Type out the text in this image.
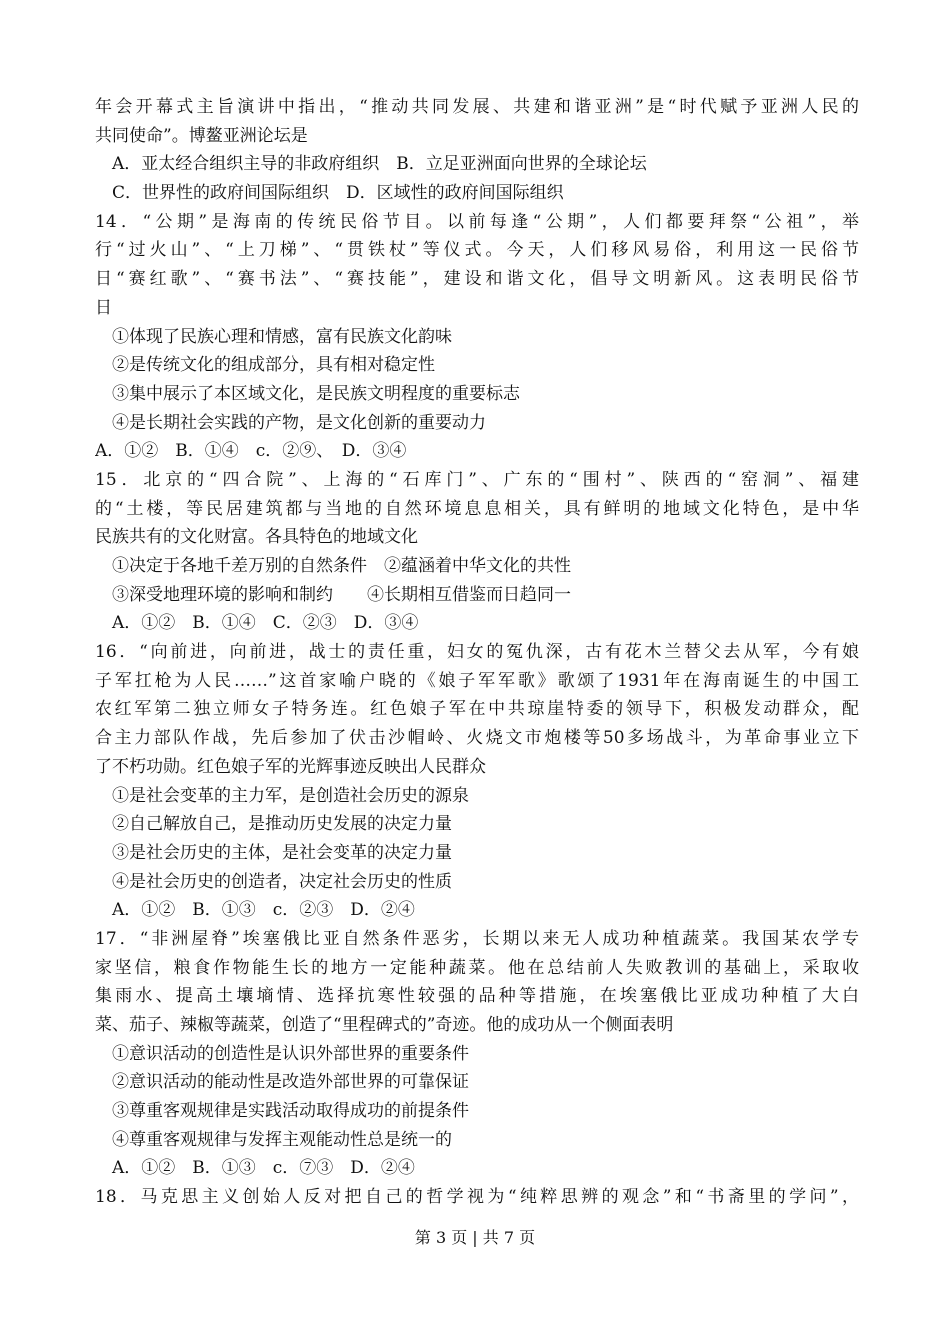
年会开幕式主旨演讲中指出，“推动共同发展、共建和谐亚洲”是“时代赋予亚洲人民的
共同使命”。博鳌亚洲论坛是
A．亚太经合组织主导的非政府组织　B．立足亚洲面向世界的全球论坛
C．世界性的政府间国际组织　D．区域性的政府间国际组织
14．“公期”是海南的传统民俗节目。以前每逢“公期”，人们都要拜祭“公祖”，举
行“过火山”、“上刀梯”、“贯铁杖”等仪式。今天，人们移风易俗，利用这一民俗节
日“赛红歌”、“赛书法”、“赛技能”，建设和谐文化，倡导文明新风。这表明民俗节
日
①体现了民族心理和情感，富有民族文化韵味
②是传统文化的组成部分，具有相对稳定性
③集中展示了本区域文化，是民族文明程度的重要标志
④是长期社会实践的产物，是文化创新的重要动力
A．①②　B．①④　c．②⑨、　D．③④
15．北京的“四合院”、上海的“石库门”、广东的“围村”、陕西的“窑洞”、福建
的“土楼，等民居建筑都与当地的自然环境息息相关，具有鲜明的地域文化特色，是中华
民族共有的文化财富。各具特色的地域文化
①决定于各地千差万别的自然条件　②蕴涵着中华文化的共性
③深受地理环境的影响和制约　　④长期相互借鉴而日趋同一
A．①②　B．①④　C．②③　D．③④
16．“向前进，向前进，战士的责任重，妇女的冤仇深，古有花木兰替父去从军，今有娘
子军扛枪为人民……”这首家喻户晓的《娘子军军歌》歌颂了1931年在海南诞生的中国工
农红军第二独立师女子特务连。红色娘子军在中共琼崖特委的领导下，积极发动群众，配
合主力部队作战，先后参加了伏击沙帽岭、火烧文市炮楼等50多场战斗，为革命事业立下
了不朽功勋。红色娘子军的光辉事迹反映出人民群众
①是社会变革的主力军，是创造社会历史的源泉
②自己解放自己，是推动历史发展的决定力量
③是社会历史的主体，是社会变革的决定力量
④是社会历史的创造者，决定社会历史的性质
A．①②　B．①③　c．②③　D．②④
17．“非洲屋脊”埃塞俄比亚自然条件恶劣，长期以来无人成功种植蔬菜。我国某农学专
家坚信，粮食作物能生长的地方一定能种蔬菜。他在总结前人失败教训的基础上，采取收
集雨水、提高土壤墒情、选择抗寒性较强的品种等措施，在埃塞俄比亚成功种植了大白
菜、茄子、辣椒等蔬菜，创造了“里程碑式的”奇迹。他的成功从一个侧面表明
①意识活动的创造性是认识外部世界的重要条件
②意识活动的能动性是改造外部世界的可靠保证
③尊重客观规律是实践活动取得成功的前提条件
④尊重客观规律与发挥主观能动性总是统一的
A．①②　B．①③　c．⑦③　D．②④
18．马克思主义创始人反对把自己的哲学视为“纯粹思辨的观念”和“书斋里的学问”，
第 3 页 | 共 7 页
